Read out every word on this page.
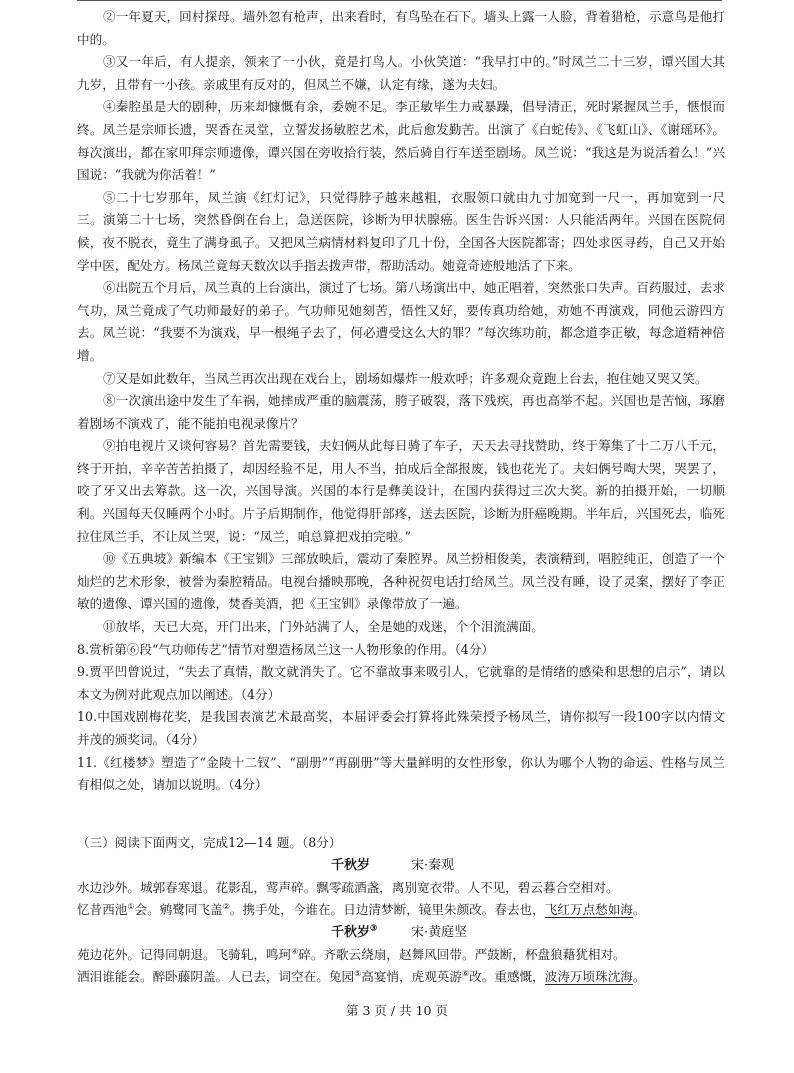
②一年夏天，回村探母。墙外忽有枪声，出来看时，有鸟坠在石下。墙头上露一人脸，背着猎枪，示意鸟是他打中的。

③又一年后，有人提亲，领来了一小伙，竟是打鸟人。小伙笑道：“我早打中的。”时凤兰二十三岁，谭兴国大其九岁，且带有一小孩。亲戚里有反对的，但凤兰不嫌，认定有缘，遂为夫妇。

④秦腔虽是大的剧种，历来却慷慨有余，委婉不足。李正敏毕生力戒暴躁，倡导清正，死时紧握凤兰手，惬恨而终。凤兰是宗师长遗，哭香在灵堂，立誓发扬敏腔艺术，此后愈发勤苦。出演了《白蛇传》、《飞虹山》、《谢瑶环》。每次演出，都在家叩拜宗师遗像，谭兴国在旁收拾行装，然后骑自行车送至剧场。凤兰说：“我这是为说活着么！”兴国说：“我就为你活着！”

⑤二十七岁那年，凤兰演《红灯记》，只觉得脖子越来越粗，衣服领口就由九寸加宽到一尺一，再加宽到一尺三。演第二十七场，突然昏倒在台上，急送医院，诊断为甲状腺癌。医生告诉兴国：人只能活两年。兴国在医院伺候，夜不脱衣，竟生了满身虱子。又把凤兰病情材料复印了几十份，全国各大医院都寄；四处求医寻药，自己又开始学中医，配处方。杨凤兰竟每天数次以手指去拨声带，帮助活动。她竟奇迹般地活了下来。

⑥出院五个月后，凤兰真的上台演出，演过了七场。第八场演出中，她正唱着，突然张口失声。百药服过，去求气功，凤兰竟成了气功师最好的弟子。气功师见她刻苦，悟性又好，要传真功给她，劝她不再演戏，同他云游四方去。凤兰说：“我要不为演戏，早一根绳子去了，何必遭受这么大的罪？”每次练功前，都念道李正敏，每念道精神倍增。

⑦又是如此数年，当凤兰再次出现在戏台上，剧场如爆炸一般欢呼；许多观众竟跑上台去，抱住她又哭又笑。

⑧一次演出途中发生了车祸，她摔成严重的脑震荡，胯子破裂，落下残疾，再也高举不起。兴国也是苦恼，琢磨着剧场不演戏了，能不能拍电视录像片？

⑨拍电视片又谈何容易？首先需要钱，夫妇俩从此每日骑了车子，天天去寻找赞助，终于筹集了十二万八千元，终于开拍，辛辛苦苦拍摄了，却因经验不足，用人不当，拍成后全部报废，钱也花光了。夫妇俩号啕大哭，哭罢了，咬了牙又出去筹款。这一次，兴国导演。兴国的本行是彝美设计，在国内获得过三次大奖。新的拍摄开始，一切顺利。兴国每天仅睡两个小时。片子后期制作，他觉得肝部疼，送去医院，诊断为肝癌晚期。半年后，兴国死去，临死拉住凤兰手，不让凤兰哭，说：“凤兰，咱总算把戏拍完啦。”

⑩《五典坡》新编本《王宝钏》三部放映后，震动了秦腔界。凤兰扮相俊美，表演精到，唱腔纯正，创造了一个灿烂的艺术形象，被誉为秦腔精品。电视台播映那晚，各种祝贺电话打给凤兰。凤兰没有睡，设了灵案，摆好了李正敏的遗像、谭兴国的遗像，焚香美酒，把《王宝钏》录像带放了一遍。

⑪放毕，天已大亮，开门出来，门外站满了人，全是她的戏迷，个个泪流满面。

8.赏析第⑥段“气功师传艺”情节对塑造杨凤兰这一人物形象的作用。（4分）

9.贾平凹曾说过，“失去了真情，散文就消失了。它不靠故事来吸引人，它就靠的是情绪的感染和思想的启示”，请以本文为例对此观点加以阐述。（4分）

10.中国戏剧梅花奖，是我国表演艺术最高奖，本届评委会打算将此殊荣授予杨凤兰，请你拟写一段100字以内情文并茂的颁奖词。（4分）

11.《红楼梦》塑造了“金陵十二钗”、“副册”“再副册”等大量鲜明的女性形象，你认为哪个人物的命运、性格与凤兰有相似之处，请加以说明。（4分）

（三）阅读下面两文，完成12—14 题。（8分）

千秋岁	宋·秦观

水边沙外。城郭春寒退。花影乱，莺声碎。飘零疏酒盏，离别宽衣带。人不见，碧云暮合空相对。

忆昔西池①会。鹓鹭同飞盖②。携手处，今谁在。日边清梦断，镜里朱颜改。春去也，飞红万点愁如海。

千秋岁③	宋·黄庭坚

苑边花外。记得同朝退。飞骑轧，鸣珂④碎。齐歌云绕扇，赵舞风回带。严鼓断，杯盘狼藉犹相对。

洒泪谁能会。醉卧藤阴盖。人已去，词空在。兔园⑤高宴悄，虎观英游⑥改。重感慨，波涛万顷珠沈海。

第 3 页 / 共 10 页
